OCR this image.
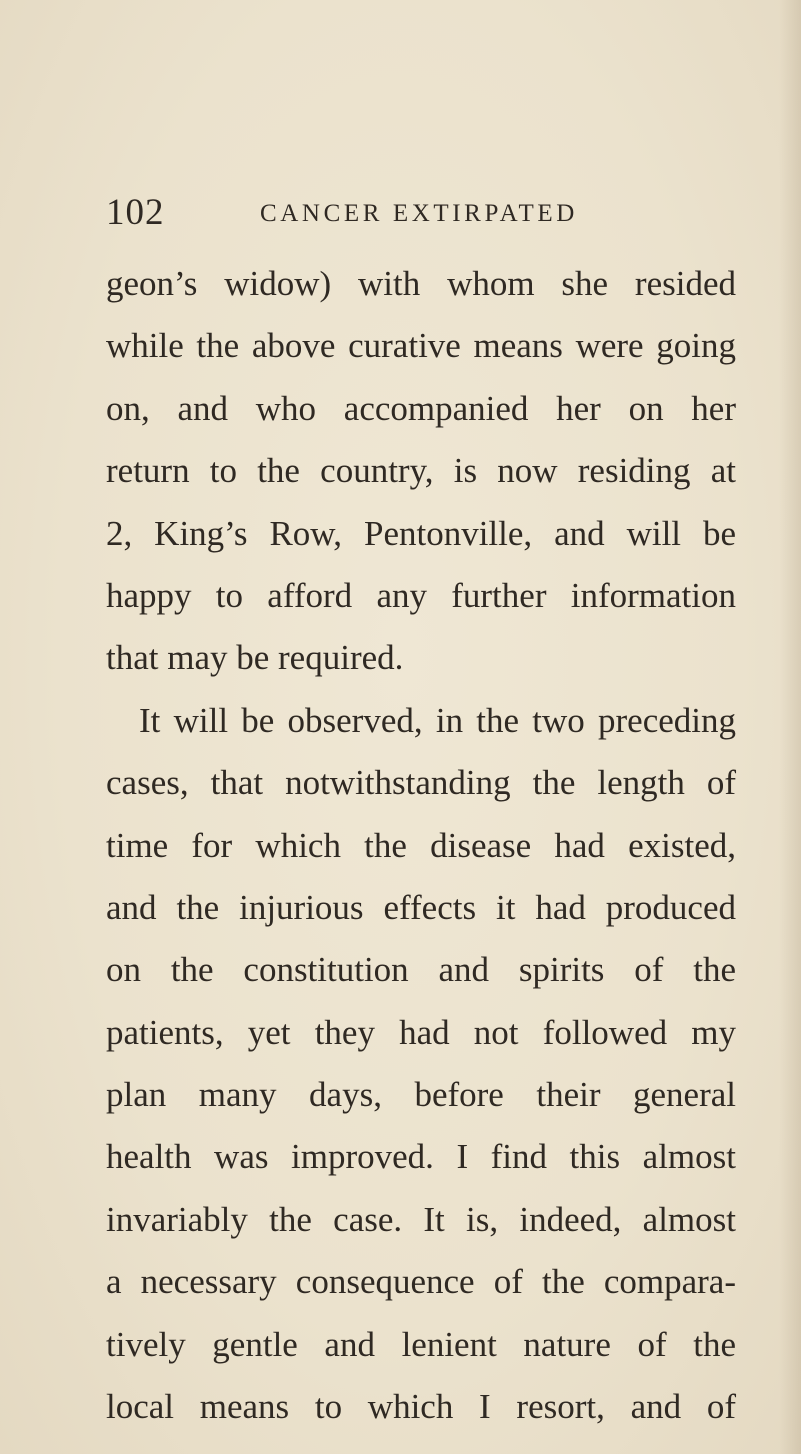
102	CANCER EXTIRPATED
geon’s widow) with whom she resided
while the above curative means were going
on, and who accompanied her on her
return to the country, is now residing at
2, King’s Row, Pentonville, and will be
happy to afford any further information
that may be required.
It will be observed, in the two preceding
cases, that notwithstanding the length of
time for which the disease had existed,
and the injurious effects it had produced
on the constitution and spirits of the
patients, yet they had not followed my
plan many days, before their general
health was improved. I find this almost
invariably the case. It is, indeed, almost
a necessary consequence of the compara-
tively gentle and lenient nature of the
local means to which I resort, and of
